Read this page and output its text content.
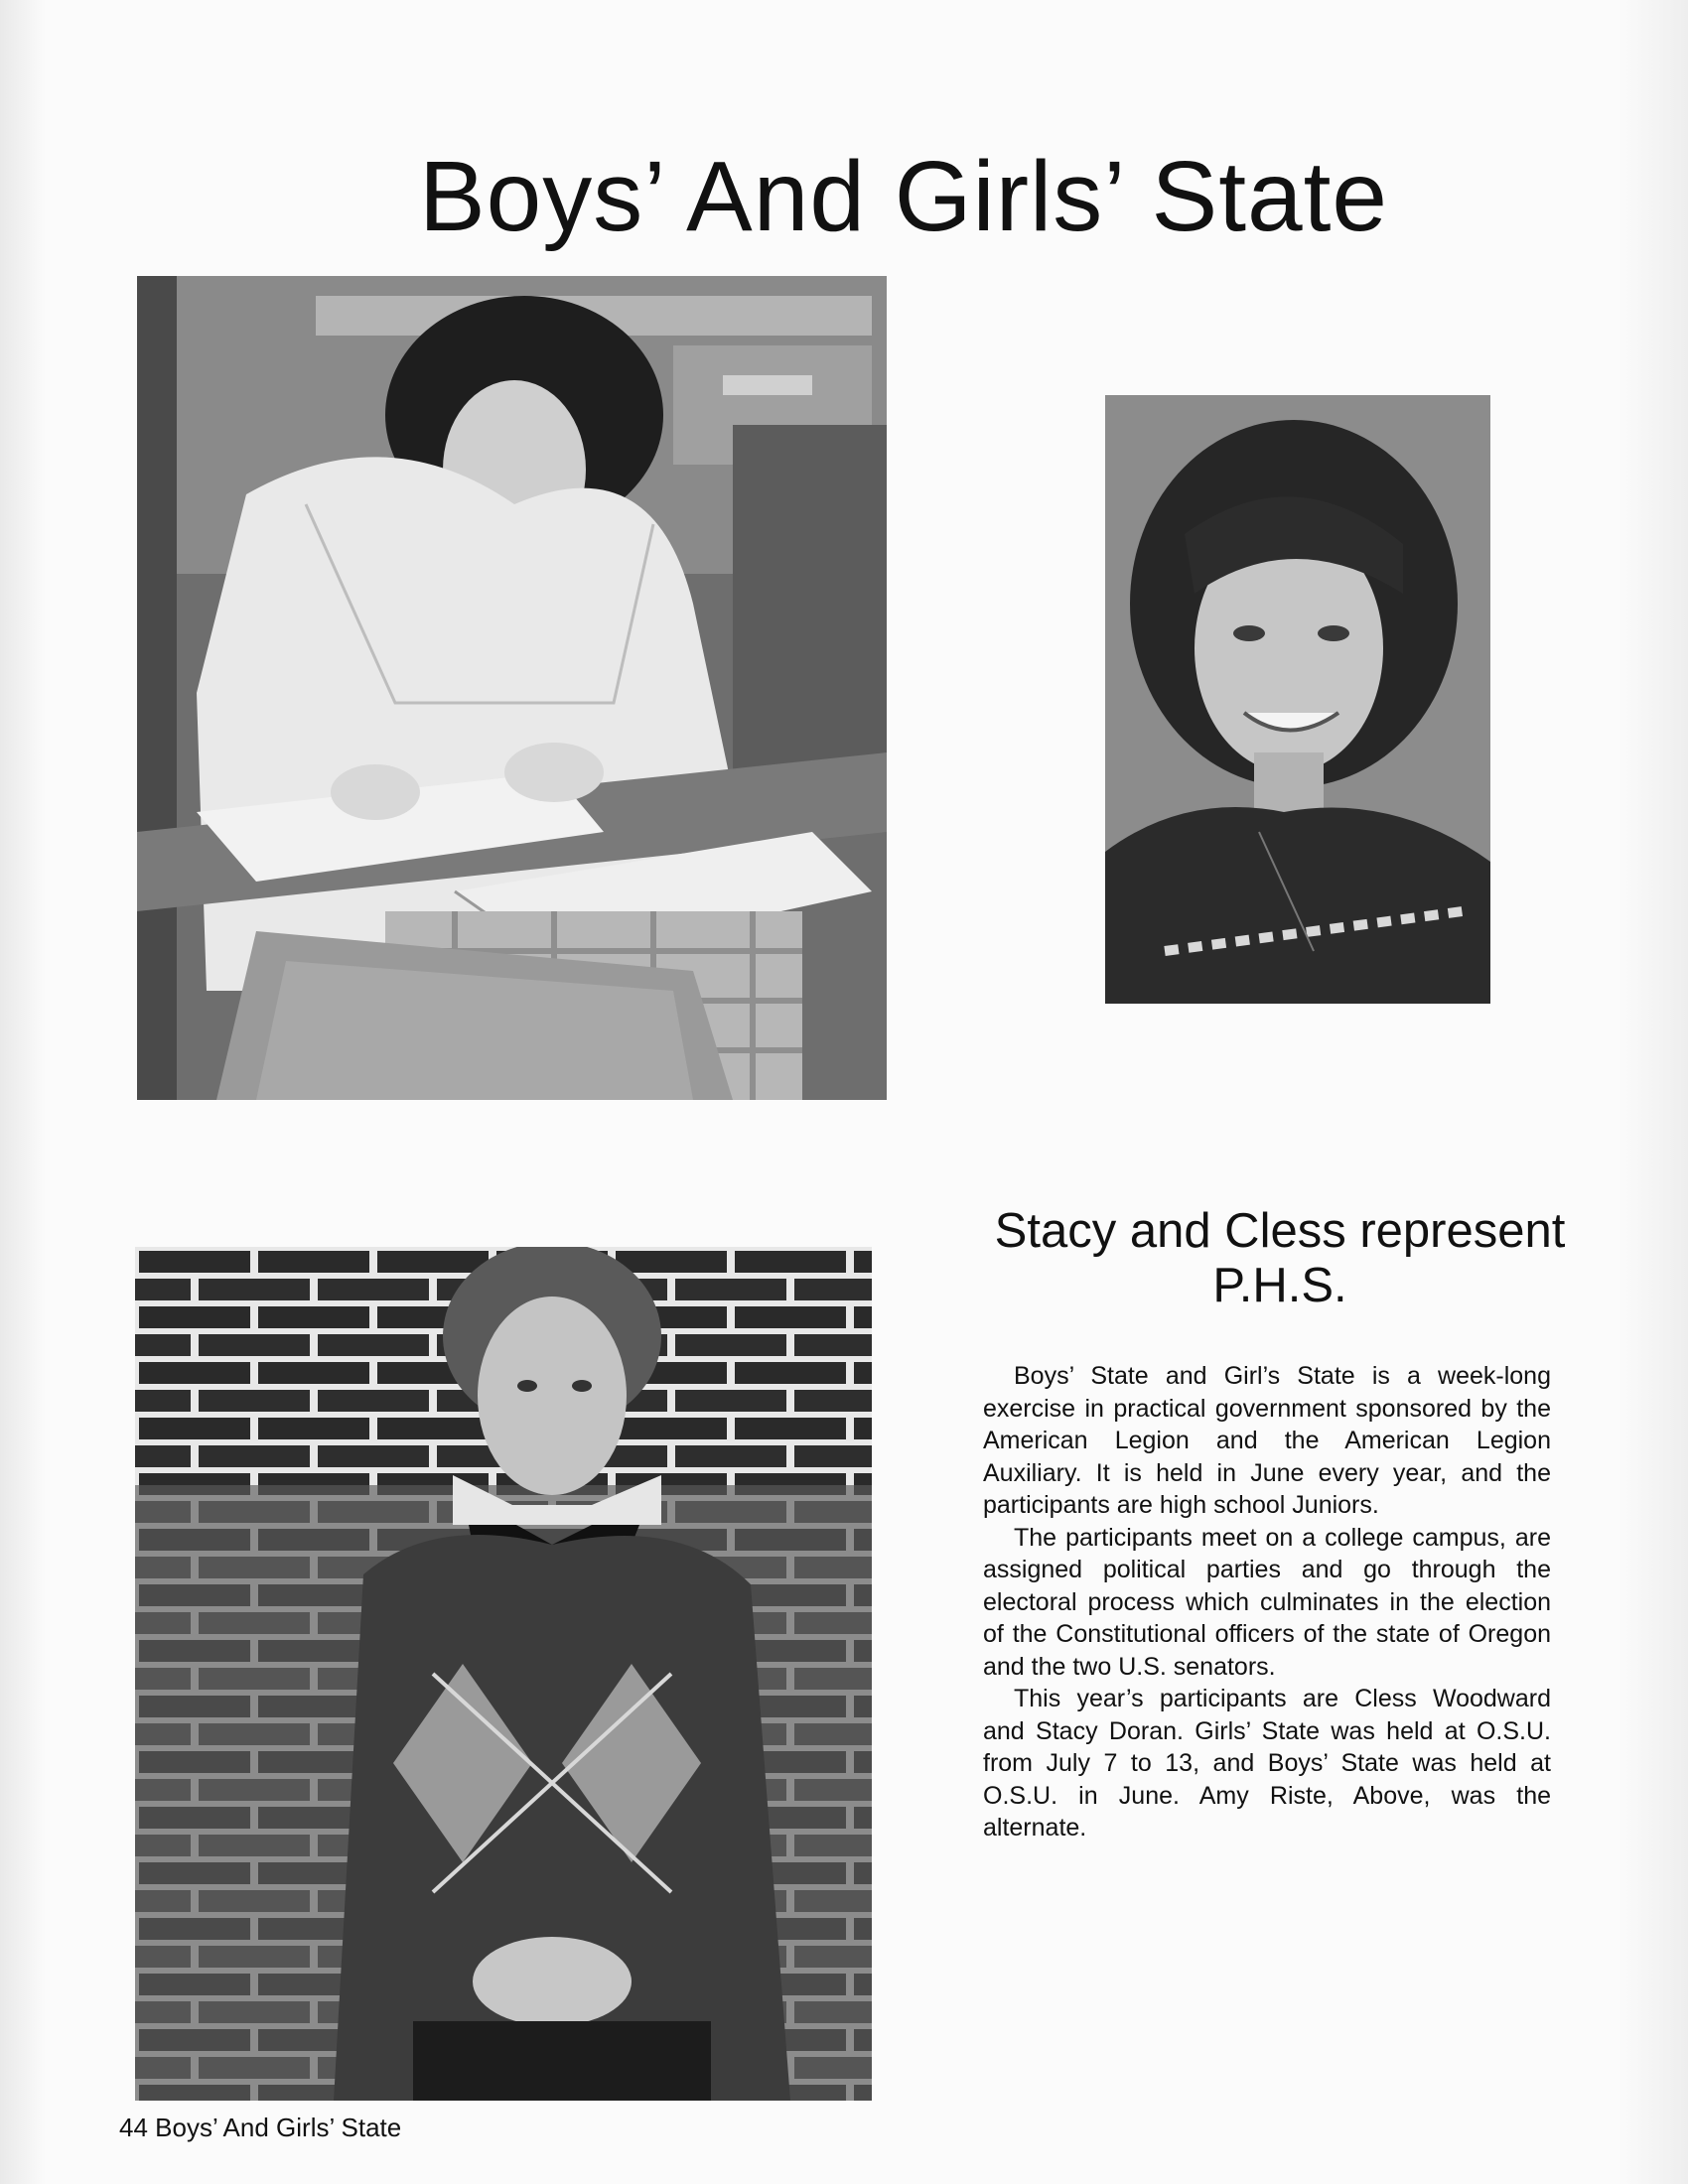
Boys’ And Girls’ State
Stacy and Cless represent P.H.S.

Boys’ State and Girl’s State is a week-long exercise in practical government sponsored by the American Legion and the American Legion Auxiliary. It is held in June every year, and the participants are high school Juniors.

The participants meet on a college campus, are assigned political parties and go through the electoral process which culminates in the election of the Constitutional officers of the state of Oregon and the two U.S. senators.

This year’s participants are Cless Woodward and Stacy Doran. Girls’ State was held at O.S.U. from July 7 to 13, and Boys’ State was held at O.S.U. in June. Amy Riste, Above, was the alternate.

44 Boys’ And Girls’ State
